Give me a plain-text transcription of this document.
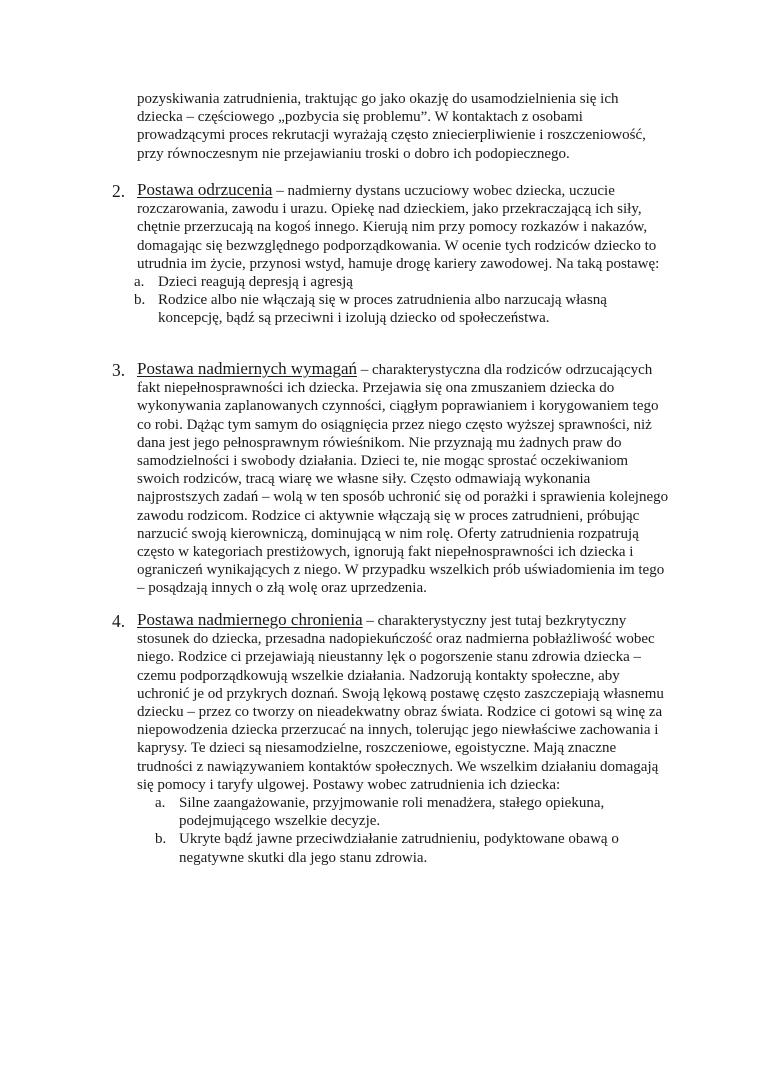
pozyskiwania zatrudnienia, traktując go jako okazję do usamodzielnienia się ich dziecka – częściowego „pozbycia się problemu”. W kontaktach z osobami prowadzącymi proces rekrutacji wyrażają często zniecierpliwienie i roszczeniowość, przy równoczesnym nie przejawianiu troski o dobro ich podopiecznego.
2. Postawa odrzucenia – nadmierny dystans uczuciowy wobec dziecka, uczucie rozczarowania, zawodu i urazu. Opiekę nad dzieckiem, jako przekraczającą ich siły, chętnie przerzucają na kogoś innego. Kierują nim przy pomocy rozkazów i nakazów, domagając się bezwzględnego podporządkowania. W ocenie tych rodziców dziecko to utrudnia im życie, przynosi wstyd, hamuje drogę kariery zawodowej. Na taką postawę:
a. Dzieci reagują depresją i agresją
b. Rodzice albo nie włączają się w proces zatrudnienia albo narzucają własną koncepcję, bądź są przeciwni i izolują dziecko od społeczeństwa.
3. Postawa nadmiernych wymagań – charakterystyczna dla rodziców odrzucających fakt niepełnosprawności ich dziecka. Przejawia się ona zmuszaniem dziecka do wykonywania zaplanowanych czynności, ciągłym poprawianiem i korygowaniem tego co robi. Dążąc tym samym do osiągnięcia przez niego często wyższej sprawności, niż dana jest jego pełnosprawnym rówieśnikom. Nie przyznają mu żadnych praw do samodzielności i swobody działania. Dzieci te, nie mogąc sprostać oczekiwaniom swoich rodziców, tracą wiarę we własne siły. Często odmawiają wykonania najprostszych zadań – wolą w ten sposób uchronić się od porażki i sprawienia kolejnego zawodu rodzicom. Rodzice ci aktywnie włączają się w proces zatrudnieni, próbując narzucić swoją kierowniczą, dominującą w nim rolę. Oferty zatrudnienia rozpatrują często w kategoriach prestiżowych, ignorują fakt niepełnosprawności ich dziecka i ograniczeń wynikających z niego. W przypadku wszelkich prób uświadomienia im tego – posądzają innych o złą wolę oraz uprzedzenia.
4. Postawa nadmiernego chronienia – charakterystyczny jest tutaj bezkrytyczny stosunek do dziecka, przesadna nadopiekuńczość oraz nadmierna pobłażliwość wobec niego. Rodzice ci przejawiają nieustanny lęk o pogorszenie stanu zdrowia dziecka – czemu podporządkowują wszelkie działania. Nadzorują kontakty społeczne, aby uchronić je od przykrych doznań. Swoją lękową postawę często zaszczepiają własnemu dziecku – przez co tworzy on nieadekwatny obraz świata. Rodzice ci gotowi są winę za niepowodzenia dziecka przerzucać na innych, tolerując jego niewłaściwe zachowania i kaprysy. Te dzieci są niesamodzielne, roszczeniowe, egoistyczne. Mają znaczne trudności z nawiązywaniem kontaktów społecznych. We wszelkim działaniu domagają się pomocy i taryfy ulgowej. Postawy wobec zatrudnienia ich dziecka:
a. Silne zaangażowanie, przyjmowanie roli menadżera, stałego opiekuna, podejmującego wszelkie decyzje.
b. Ukryte bądź jawne przeciwdziałanie zatrudnieniu, podyktowane obawą o negatywne skutki dla jego stanu zdrowia.
